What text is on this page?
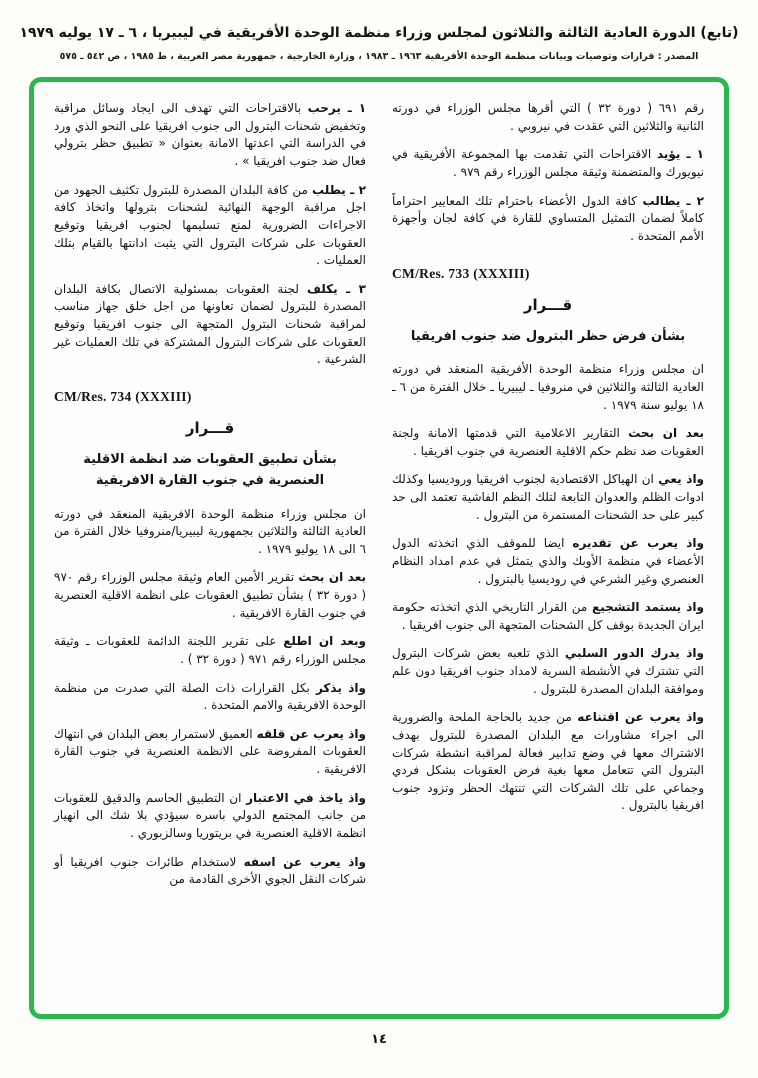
(تابع) الدورة العادية الثالثة والثلاثون لمجلس وزراء منظمة الوحدة الأفريقية في ليبيريا ، ٦ ـ ١٧ يوليه ١٩٧٩
المصدر : قرارات وتوصيات وبيانات منظمة الوحدة الأفريقية ١٩٦٣ ـ ١٩٨٣ ، وزارة الخارجية ، جمهورية مصر العربية ، ط ١٩٨٥ ، ص ٥٤٢ ـ ٥٧٥

رقم ٦٩١ ( دورة ٣٢ ) التي أقرها مجلس الوزراء في دورته الثانية والثلاثين التي عقدت في نيروبي .

١ ـ يؤيد الاقتراحات التي تقدمت بها المجموعة الأفريقية في نيويورك والمتضمنة وثيقة مجلس الوزراء رقم ٩٧٩ .

٢ ـ يطالب كافة الدول الأعضاء باحترام تلك المعايير احتراماً كاملاً لضمان التمثيل المتساوي للقارة في كافة لجان وأجهزة الأمم المتحدة .

CM/Res. 733 (XXXIII)
قـــرار
بشأن فرض حظر البترول ضد جنوب افريقيا

ان مجلس وزراء منظمة الوحدة الأفريقية المنعقد في دورته العادية الثالثة والثلاثين في منروفيا ـ ليبيريا ـ خلال الفترة من ٦ ـ ١٨ يوليو سنة ١٩٧٩ .

بعد ان بحث التقارير الاعلامية التي قدمتها الامانة ولجنة العقوبات ضد نظم حكم الاقلية العنصرية في جنوب افريقيا .

واذ يعي ان الهياكل الاقتصادية لجنوب افريقيا وروديسيا وكذلك ادوات الظلم والعدوان التابعة لتلك النظم الفاشية تعتمد الى حد كبير على حد الشحنات المستمرة من البترول .

واذ يعرب عن تقديره ايضا للموقف الذي اتخذته الدول الأعضاء في منظمة الأوبك والذي يتمثل في عدم امداد النظام العنصري وغير الشرعي في روديسيا بالبترول .

واذ يستمد التشجيع من القرار التاريخي الذي اتخذته حكومة ايران الجديدة بوقف كل الشحنات المتجهة الى جنوب افريقيا .

واذ يدرك الدور السلبي الذي تلعبه بعض شركات البترول التي تشترك في الأنشطة السرية لامداد جنوب افريقيا دون علم وموافقة البلدان المصدرة للبترول .

واذ يعرب عن اقتناعه من جديد بالحاجة الملحة والضرورية الى اجراء مشاورات مع البلدان المصدرة للبترول بهدف الاشتراك معها في وضع تدابير فعالة لمراقبة انشطة شركات البترول التي تتعامل معها بغية فرض العقوبات بشكل فردي وجماعي على تلك الشركات التي تنتهك الحظر وتزود جنوب افريقيا بالبترول .

١ ـ يرحب بالاقتراحات التي تهدف الى ايجاد وسائل مراقبة وتخفيض شحنات البترول الى جنوب افريقيا على النحو الذي ورد في الدراسة التي اعدتها الامانة بعنوان « تطبيق حظر بترولي فعال ضد جنوب افريقيا » .

٢ ـ يطلب من كافة البلدان المصدرة للبترول تكثيف الجهود من اجل مراقبة الوجهة النهائية لشحنات بترولها واتخاذ كافة الاجراءات الضرورية لمنع تسليمها لجنوب افريقيا وتوقيع العقوبات على شركات البترول التي يثبت ادانتها بالقيام بتلك العمليات .

٣ ـ يكلف لجنة العقوبات بمسئولية الاتصال بكافة البلدان المصدرة للبترول لضمان تعاونها من اجل خلق جهاز مناسب لمراقبة شحنات البترول المتجهة الى جنوب افريقيا وتوقيع العقوبات على شركات البترول المشتركة في تلك العمليات غير الشرعية .

CM/Res. 734 (XXXIII)
قـــرار
بشأن تطبيق العقوبات ضد انظمة الاقلية العنصرية في جنوب القارة الافريقية

ان مجلس وزراء منظمة الوحدة الافريقية المنعقد في دورته العادية الثالثة والثلاثين بجمهورية ليبيريا/منروفيا خلال الفترة من ٦ الى ١٨ يوليو ١٩٧٩ .

بعد ان بحث تقرير الأمين العام وثيقة مجلس الوزراء رقم ٩٧٠ ( دورة ٣٢ ) بشأن تطبيق العقوبات على انظمة الاقلية العنصرية في جنوب القارة الافريقية .

وبعد ان اطلع على تقرير اللجنة الدائمة للعقوبات ـ وثيقة مجلس الوزراء رقم ٩٧١ ( دورة ٣٢ ) .

واذ يذكر بكل القرارات ذات الصلة التي صدرت من منظمة الوحدة الافريقية والامم المتحدة .

واذ يعرب عن قلقه العميق لاستمرار بعض البلدان في انتهاك العقوبات المفروضة على الانظمة العنصرية في جنوب القارة الافريقية .

واذ ياخذ في الاعتبار ان التطبيق الحاسم والدقيق للعقوبات من جانب المجتمع الدولي باسره سيؤدي بلا شك الى انهيار انظمة الاقلية العنصرية في بريتوريا وسالزبوري .

واذ يعرب عن اسفه لاستخدام طائرات جنوب افريقيا أو شركات النقل الجوي الأخرى القادمة من

١٤
